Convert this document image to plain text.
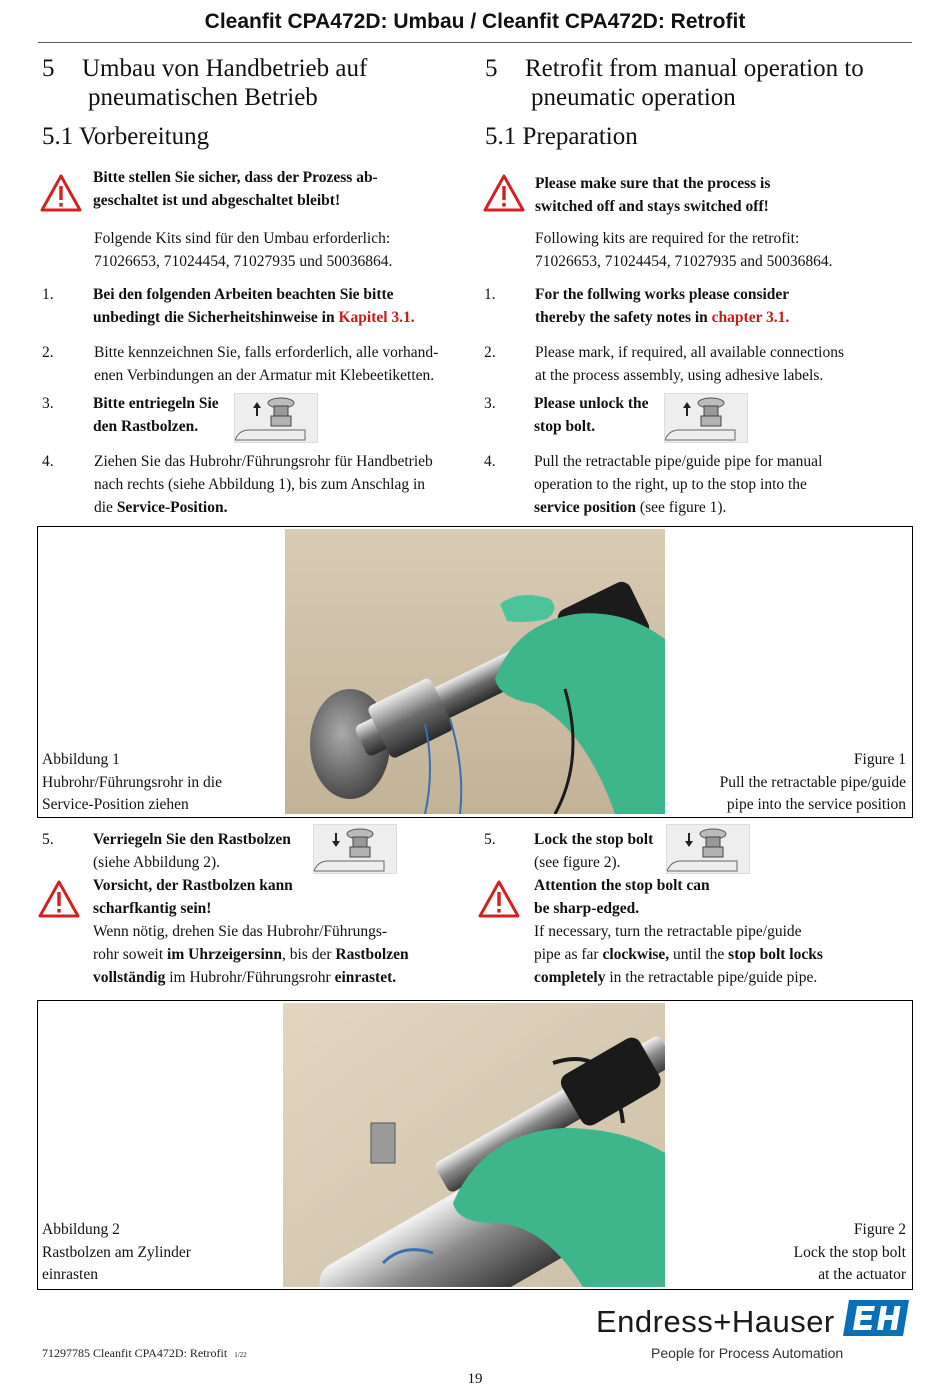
Cleanfit CPA472D: Umbau / Cleanfit CPA472D: Retrofit
5 Umbau von Handbetrieb auf
pneumatischen Betrieb
5.1 Vorbereitung
Bitte stellen Sie sicher, dass der Prozess ab-
geschaltet ist und abgeschaltet bleibt!
Folgende Kits sind für den Umbau erforderlich:
71026653, 71024454, 71027935 und 50036864.
1.	Bei den folgenden Arbeiten beachten Sie bitte
unbedingt die Sicherheitshinweise in Kapitel 3.1.
2.	Bitte kennzeichnen Sie, falls erforderlich, alle vorhand-
enen Verbindungen an der Armatur mit Klebeetiketten.
3.	Bitte entriegeln Sie
den Rastbolzen.
4.	Ziehen Sie das Hubrohr/Führungsrohr für Handbetrieb
nach rechts (siehe Abbildung 1), bis zum Anschlag in
die Service-Position.
5 Retrofit from manual operation to
pneumatic operation
5.1 Preparation
Please make sure that the process is
switched off and stays switched off!
Following kits are required for the retrofit:
71026653, 71024454, 71027935 and 50036864.
1.	For the follwing works please consider
thereby the safety notes in chapter 3.1.
2.	Please mark, if required, all available connections
at the process assembly, using adhesive labels.
3. Please unlock the
stop bolt.
4. Pull the retractable pipe/guide pipe for manual
operation to the right, up to the stop into the
service position (see figure 1).
Abbildung 1
Hubrohr/Führungsrohr in die
Service-Position ziehen
Figure 1
Pull the retractable pipe/guide
pipe into the service position
5.	Verriegeln Sie den Rastbolzen
(siehe Abbildung 2).
Vorsicht, der Rastbolzen kann
scharfkantig sein!
Wenn nötig, drehen Sie das Hubrohr/Führungs-
rohr soweit im Uhrzeigersinn, bis der Rastbolzen
vollständig im Hubrohr/Führungsrohr einrastet.
5. Lock the stop bolt
(see figure 2).
Attention the stop bolt can
be sharp-edged.
If necessary, turn the retractable pipe/guide
pipe as far clockwise, until the stop bolt locks
completely in the retractable pipe/guide pipe.
Abbildung 2
Rastbolzen am Zylinder
einrasten
Figure 2
Lock the stop bolt
at the actuator
Endress+Hauser
People for Process Automation
71297785 Cleanfit CPA472D: Retrofit 1/22
19
